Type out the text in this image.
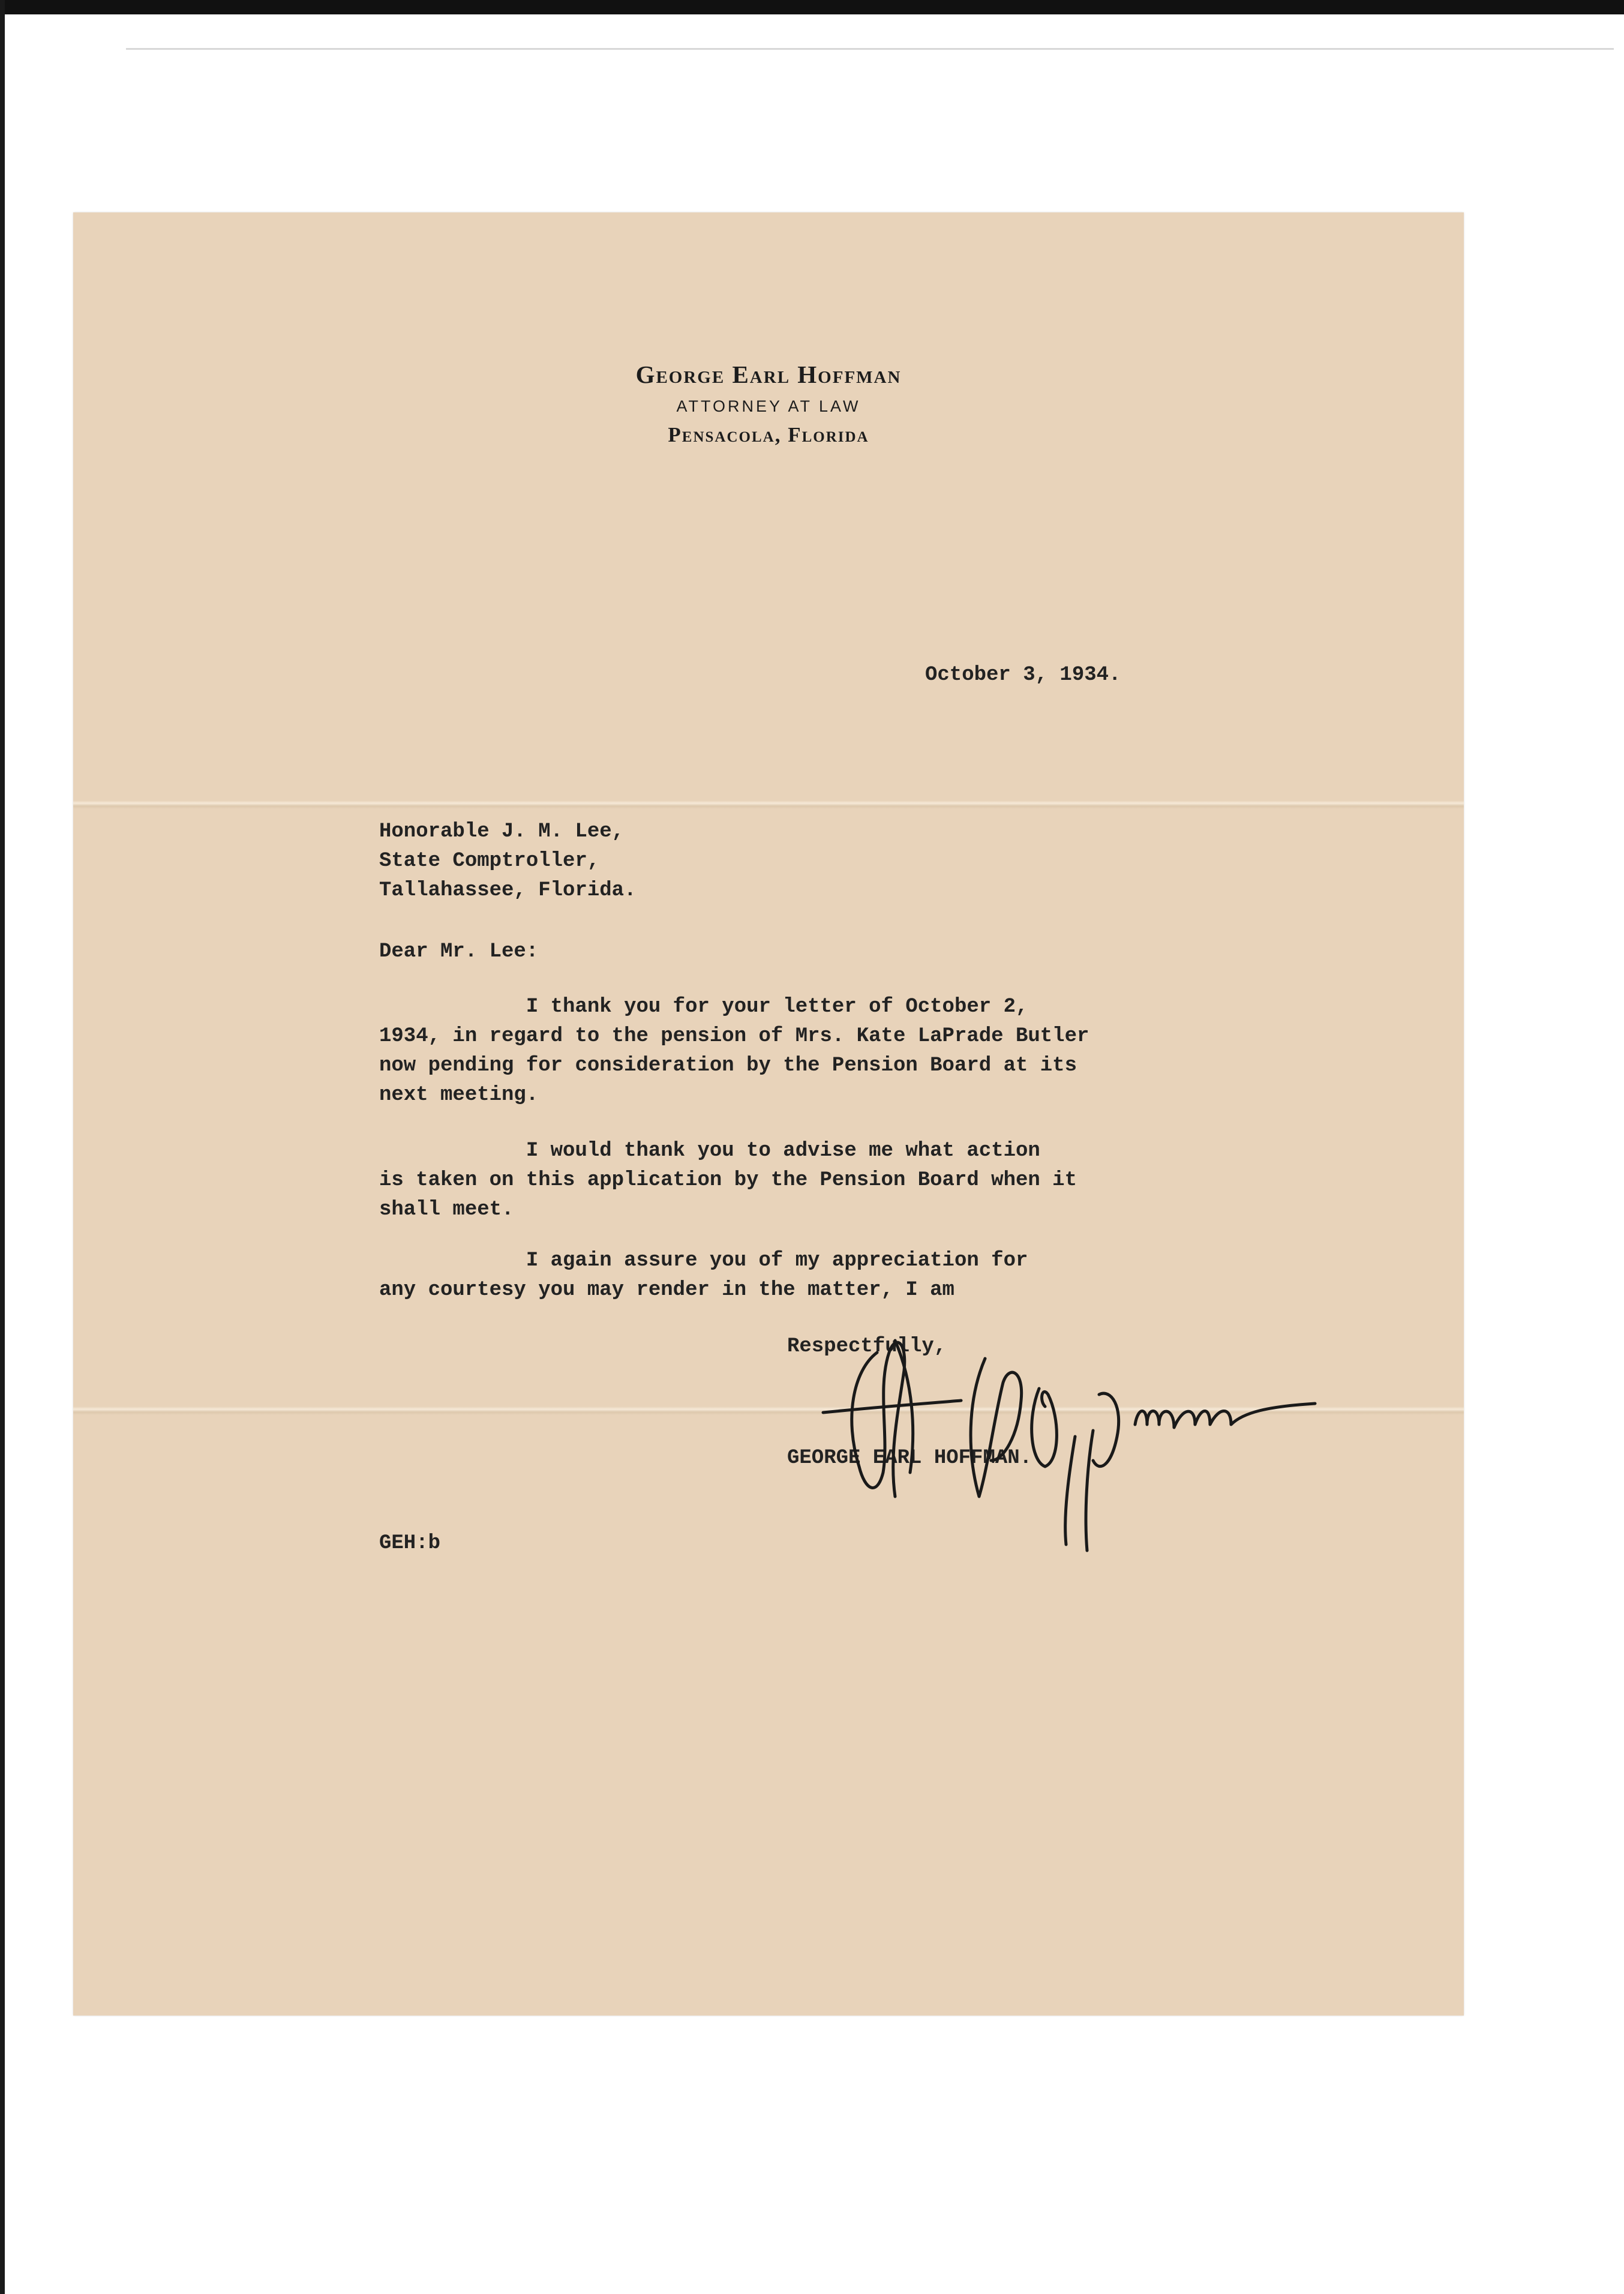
George Earl Hoffman

ATTORNEY AT LAW

Pensacola, Florida

October 3, 1934.
Honorable J. M. Lee,
State Comptroller,
Tallahassee, Florida.
Dear Mr. Lee:
I thank you for your letter of October 2,
1934, in regard to the pension of Mrs. Kate LaPrade Butler
now pending for consideration by the Pension Board at its
next meeting.
I would thank you to advise me what action
is taken on this application by the Pension Board when it
shall meet.
I again assure you of my appreciation for
any courtesy you may render in the matter, I am
Respectfully,
GEORGE EARL HOFFMAN.
GEH:b
